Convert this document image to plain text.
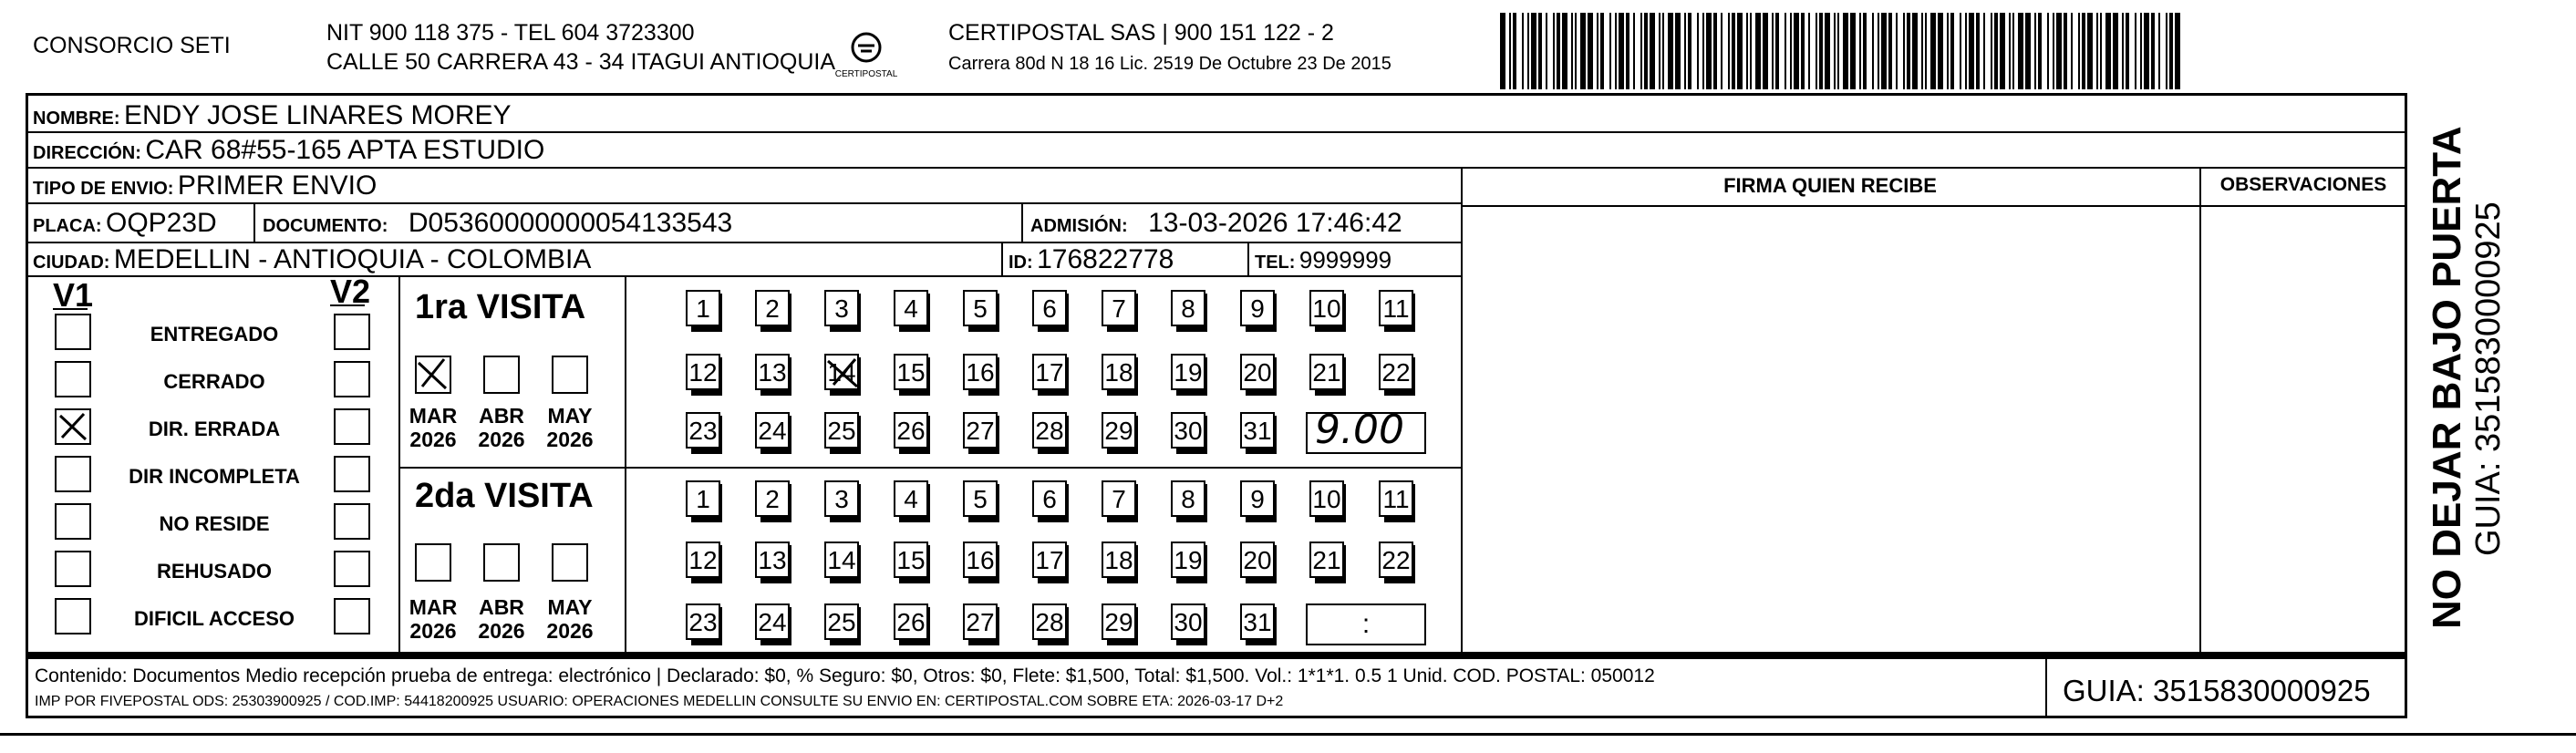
CONSORCIO SETI	NIT 900 118 375 - TEL 604 3723300
CALLE 50 CARRERA 43 - 34 ITAGUI ANTIOQUIA CERTIPOSTAL
CERTIPOSTAL SAS | 900 151 122 - 2
Carrera 80d N 18 16 Lic. 2519 De Octubre 23 De 2015
NOMBRE: ENDY JOSE LINARES MOREY
DIRECCIÓN: CAR 68#55-165 APTA ESTUDIO
TIPO DE ENVIO: PRIMER ENVIO
PLACA: OQP23D	DOCUMENTO: D05360000000054133543	ADMISIÓN: 13-03-2026 17:46:42
CIUDAD: MEDELLIN - ANTIOQUIA - COLOMBIA	ID: 176822778	TEL: 9999999
FIRMA QUIEN RECIBE	OBSERVACIONES
V1	V2
ENTREGADO
CERRADO
DIR. ERRADA
DIR INCOMPLETA
NO RESIDE
REHUSADO
DIFICIL ACCESO
1ra VISITA
MAR
2026
ABR
2026
MAY
2026
1	2	3	4	5	6	7	8	9	10 11
12 13 14 15 16 17 18 19 20 21 22
23 24 25 26 27 28 29 30 31 9.00
2da VISITA
MAR
2026
ABR
2026
MAY
2026
1	2	3	4	5	6	7	8	9	10 11
12 13 14 15 16 17 18 19 20 21 22
23 24 25 26 27 28 29 30 31	:
Contenido: Documentos Medio recepción prueba de entrega: electrónico | Declarado: $0, % Seguro: $0, Otros: $0, Flete: $1,500, Total: $1,500. Vol.: 1*1*1. 0.5 1 Unid. COD. POSTAL: 050012
IMP POR FIVEPOSTAL ODS: 25303900925 / COD.IMP: 54418200925 USUARIO: OPERACIONES MEDELLIN CONSULTE SU ENVIO EN: CERTIPOSTAL.COM SOBRE ETA: 2026-03-17 D+2	GUIA: 3515830000925
NO DEJAR BAJO PUERTA GUIA: 3515830000925
